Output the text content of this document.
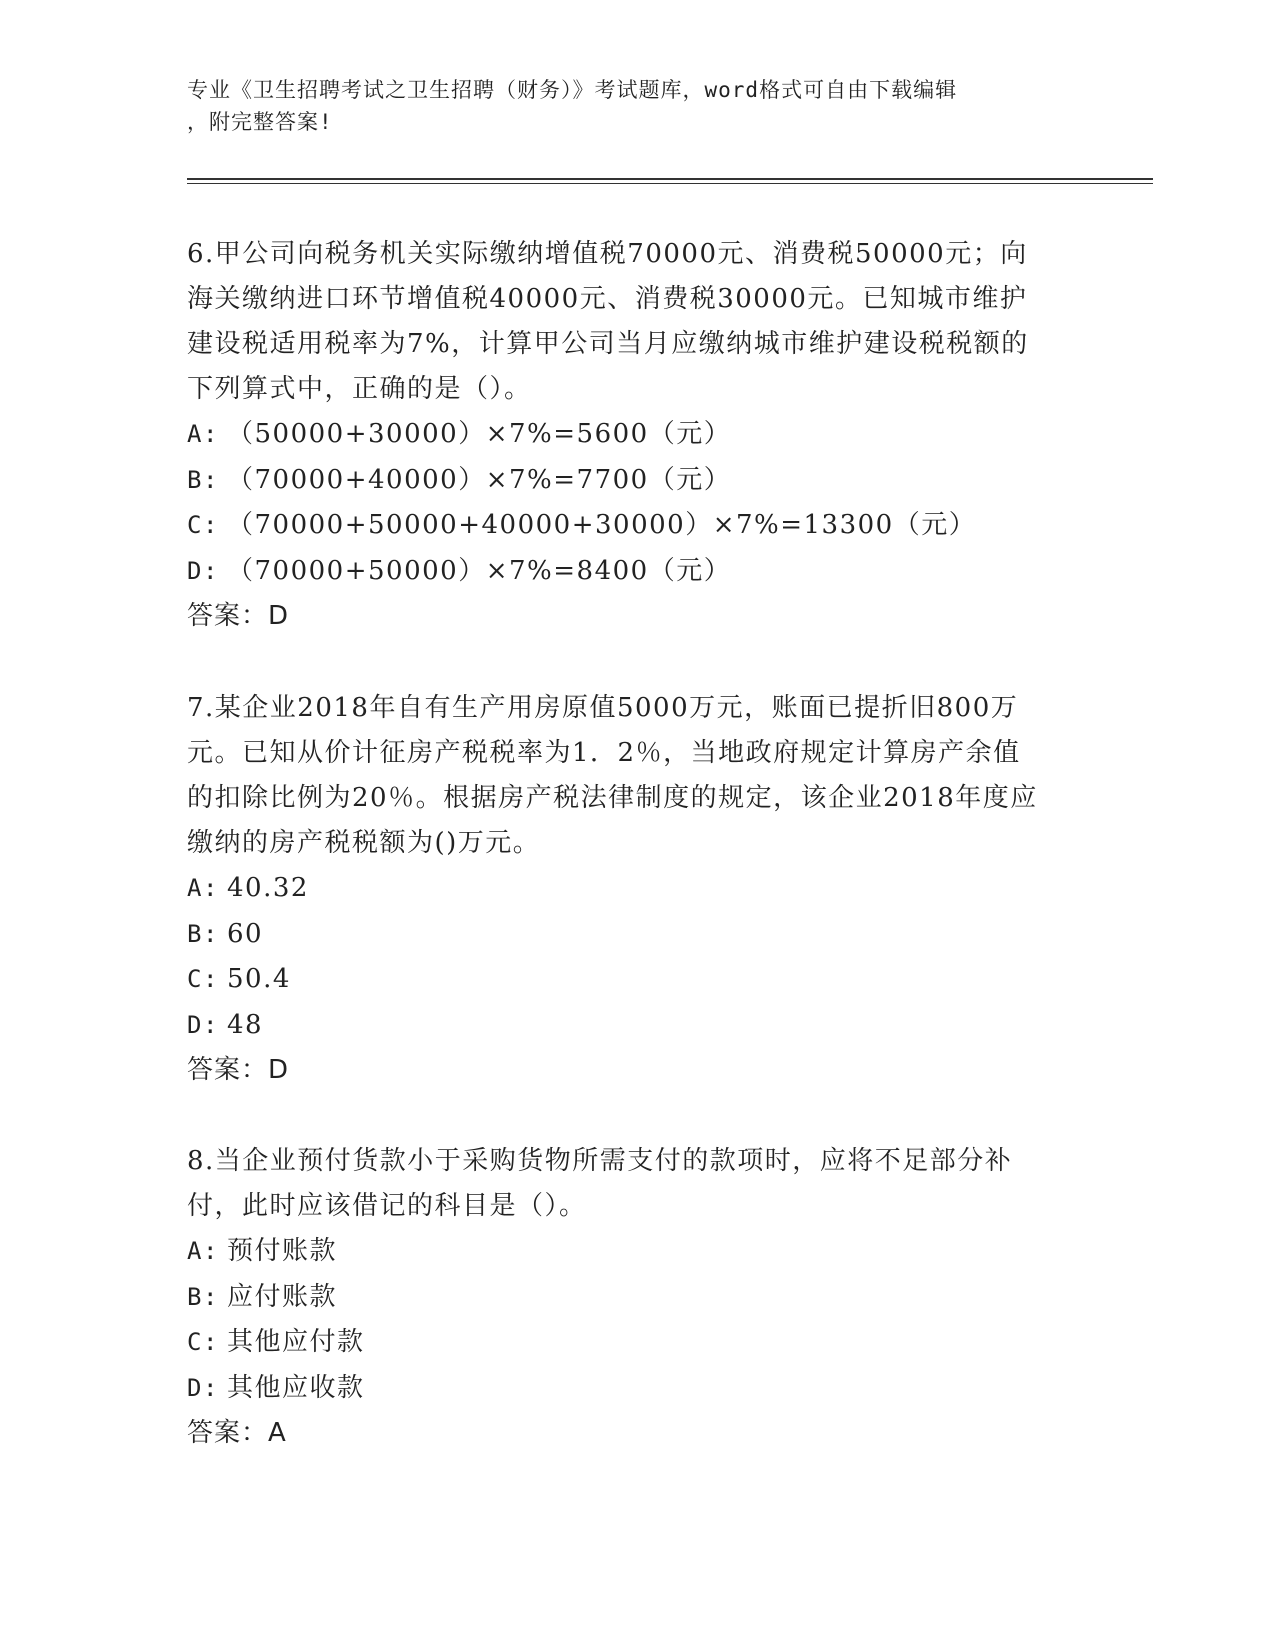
专业《卫生招聘考试之卫生招聘（财务）》考试题库，word格式可自由下载编辑
，附完整答案!
6.甲公司向税务机关实际缴纳增值税70000元、消费税50000元；向
海关缴纳进口环节增值税40000元、消费税30000元。已知城市维护
建设税适用税率为7%，计算甲公司当月应缴纳城市维护建设税税额的
下列算式中，正确的是（）。
A: （50000+30000）×7%=5600（元）
B: （70000+40000）×7%=7700（元）
C: （70000+50000+40000+30000）×7%=13300（元）
D: （70000+50000）×7%=8400（元）
答案：D
7.某企业2018年自有生产用房原值5000万元，账面已提折旧800万
元。已知从价计征房产税税率为1．2％，当地政府规定计算房产余值
的扣除比例为20％。根据房产税法律制度的规定，该企业2018年度应
缴纳的房产税税额为()万元。
A: 40.32
B: 60
C: 50.4
D: 48
答案：D
8.当企业预付货款小于采购货物所需支付的款项时，应将不足部分补
付，此时应该借记的科目是（）。
A: 预付账款
B: 应付账款
C: 其他应付款
D: 其他应收款
答案：A
